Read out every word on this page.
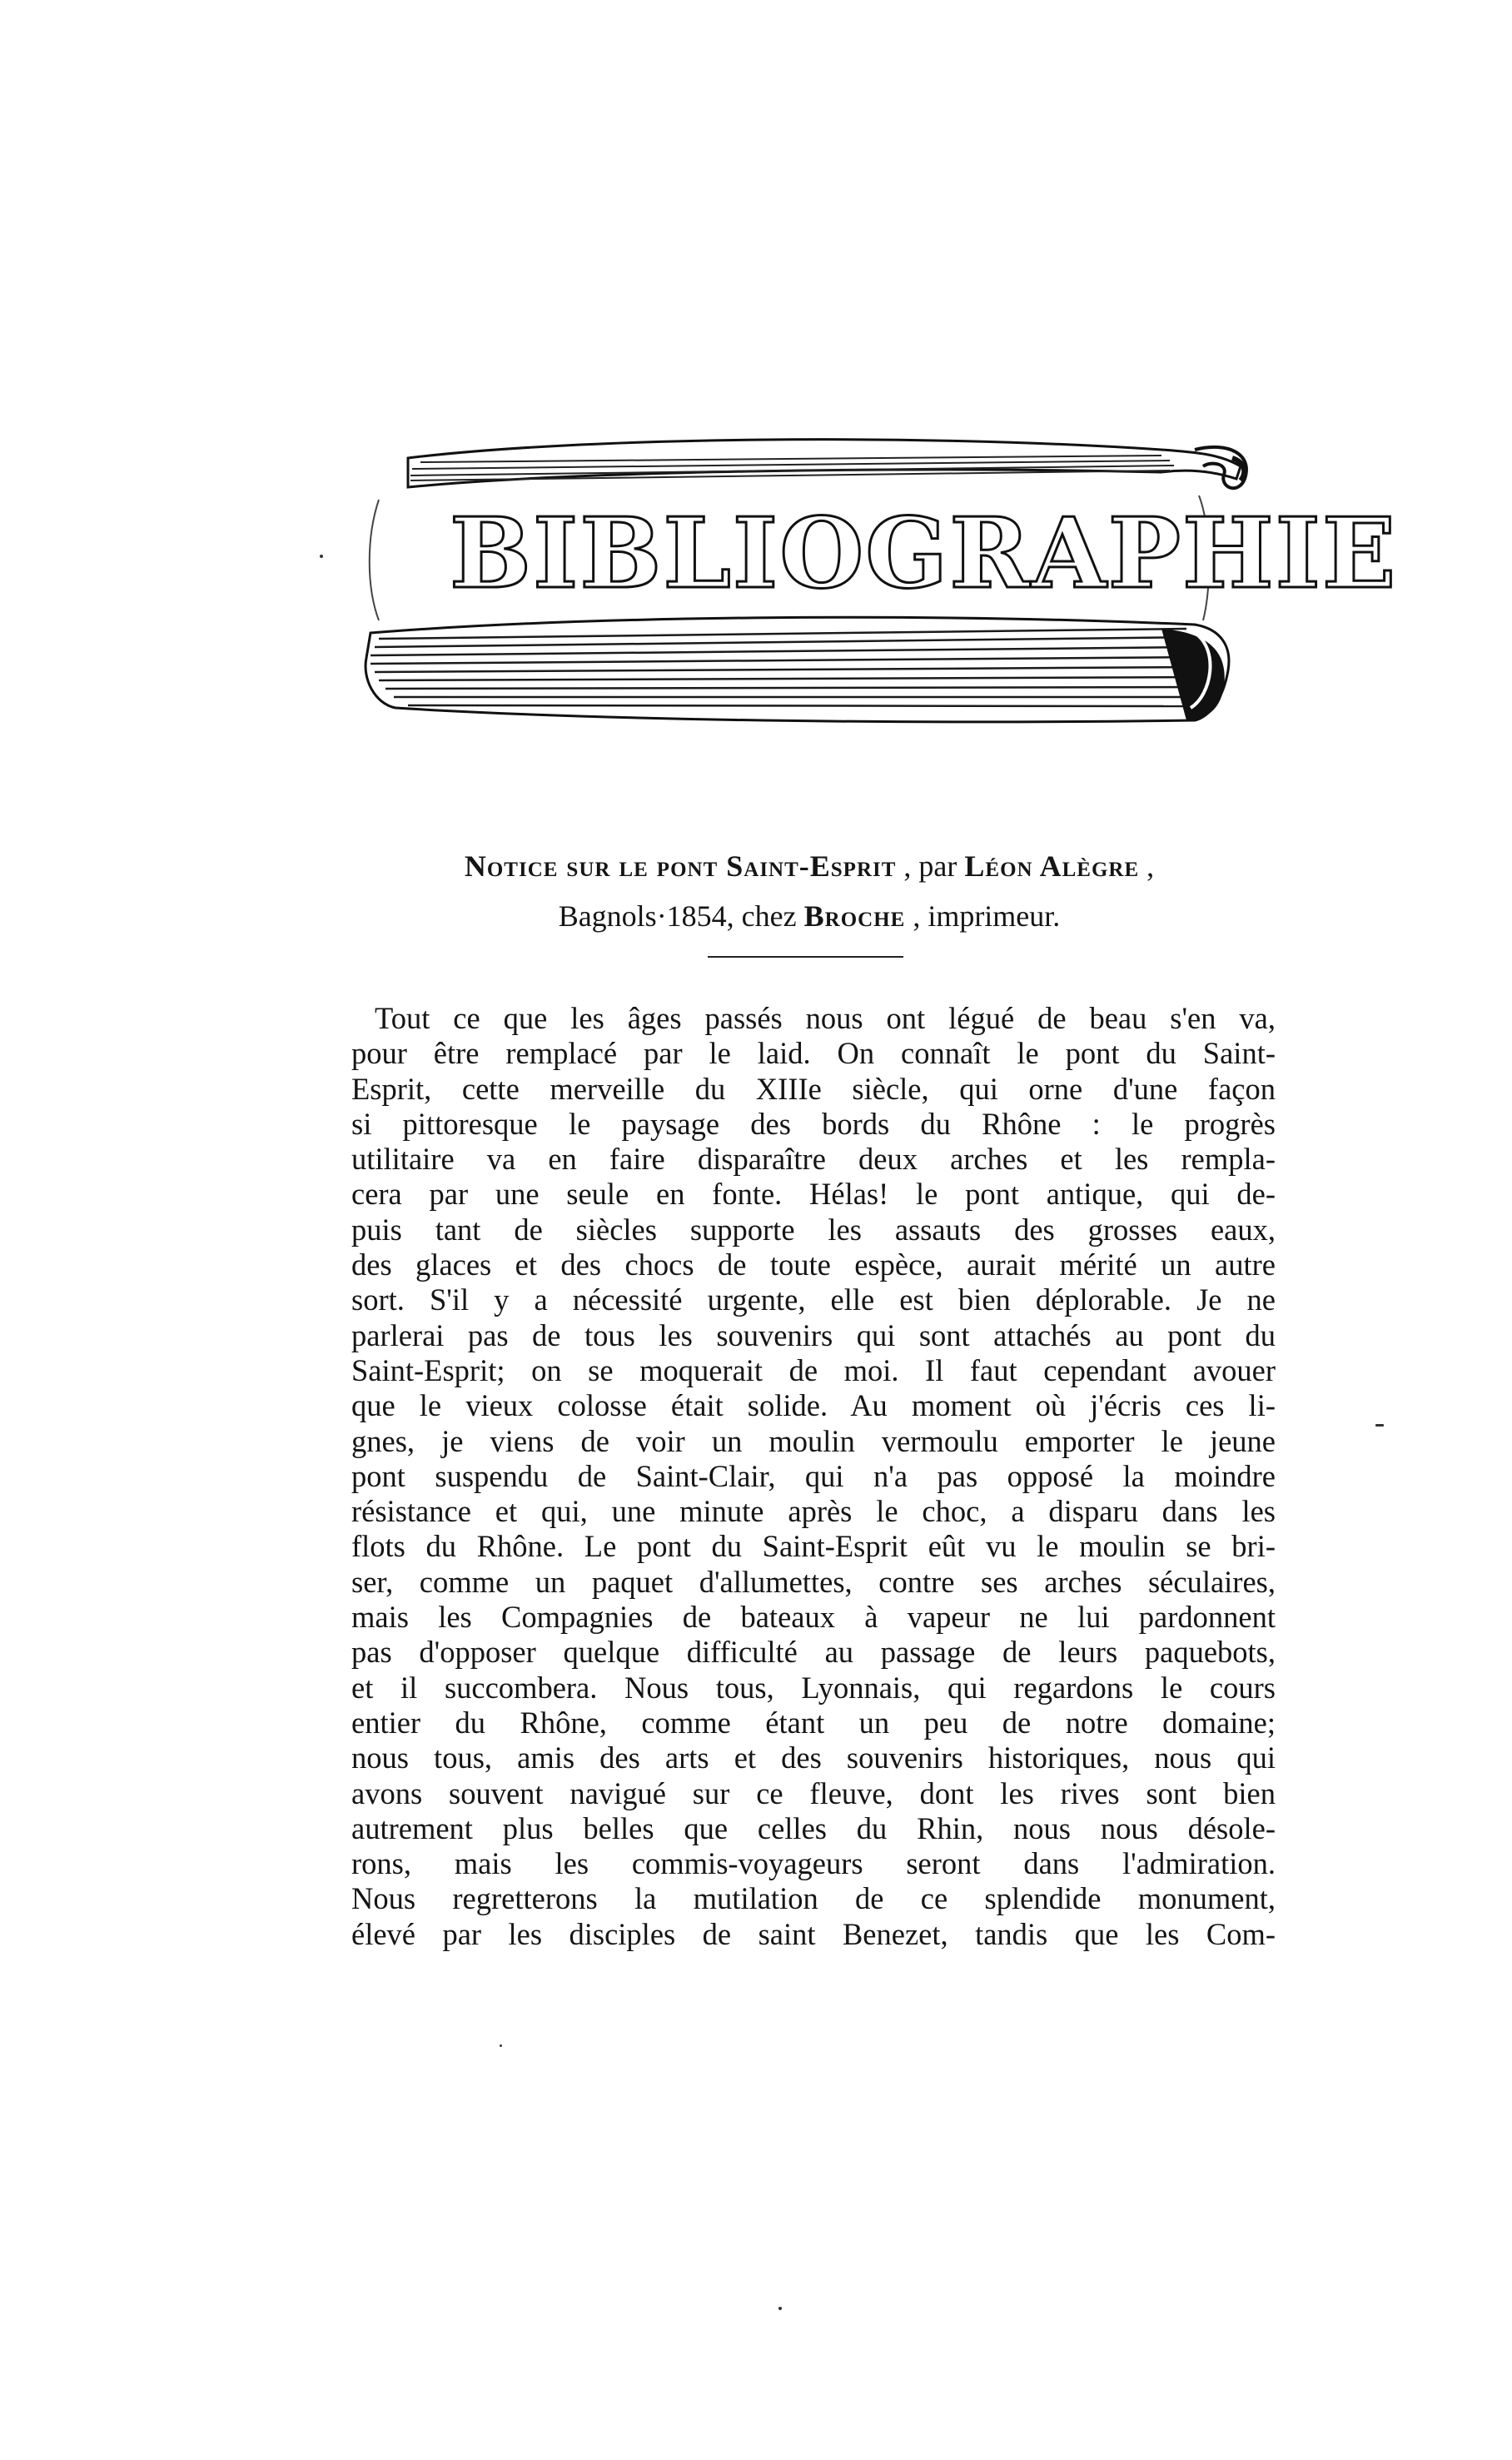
B I B L I O G R A P H I E
Notice sur le pont Saint-Esprit , par Léon Alègre ,
Bagnols·1854, chez Broche , imprimeur.
Tout ce que les âges passés nous ont légué de beau s'en va,
pour être remplacé par le laid. On connaît le pont du Saint-
Esprit, cette merveille du XIIIe siècle, qui orne d'une façon
si pittoresque le paysage des bords du Rhône : le progrès
utilitaire va en faire disparaître deux arches et les rempla-
cera par une seule en fonte. Hélas! le pont antique, qui de-
puis tant de siècles supporte les assauts des grosses eaux,
des glaces et des chocs de toute espèce, aurait mérité un autre
sort. S'il y a nécessité urgente, elle est bien déplorable. Je ne
parlerai pas de tous les souvenirs qui sont attachés au pont du
Saint-Esprit; on se moquerait de moi. Il faut cependant avouer
que le vieux colosse était solide. Au moment où j'écris ces li-
gnes, je viens de voir un moulin vermoulu emporter le jeune
pont suspendu de Saint-Clair, qui n'a pas opposé la moindre
résistance et qui, une minute après le choc, a disparu dans les
flots du Rhône. Le pont du Saint-Esprit eût vu le moulin se bri-
ser, comme un paquet d'allumettes, contre ses arches séculaires,
mais les Compagnies de bateaux à vapeur ne lui pardonnent
pas d'opposer quelque difficulté au passage de leurs paquebots,
et il succombera. Nous tous, Lyonnais, qui regardons le cours
entier du Rhône, comme étant un peu de notre domaine;
nous tous, amis des arts et des souvenirs historiques, nous qui
avons souvent navigué sur ce fleuve, dont les rives sont bien
autrement plus belles que celles du Rhin, nous nous désole-
rons, mais les commis-voyageurs seront dans l'admiration.
Nous regretterons la mutilation de ce splendide monument,
élevé par les disciples de saint Benezet, tandis que les Com-
